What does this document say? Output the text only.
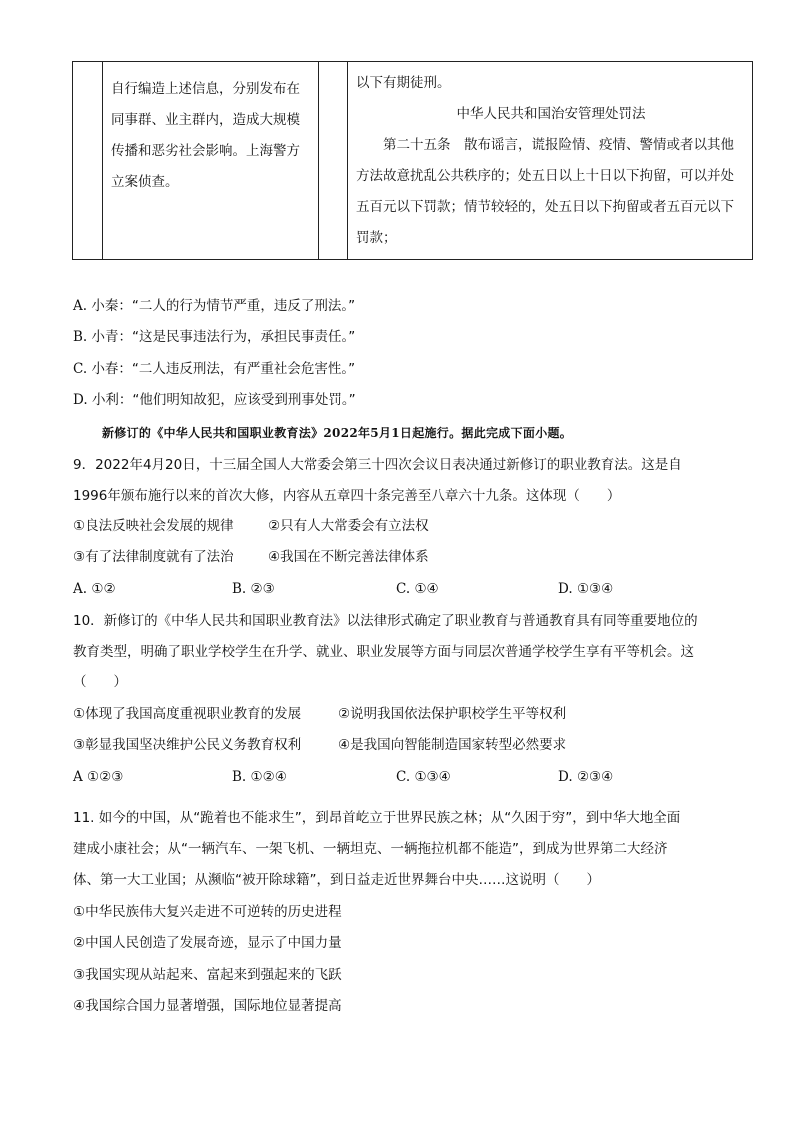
自行编造上述信息，分别发布在同事群、业主群内，造成大规模传播和恶劣社会影响。上海警方立案侦查。

以下有期徒刑。
中华人民共和国治安管理处罚法
第二十五条　散布谣言，谎报险情、疫情、警情或者以其他方法故意扰乱公共秩序的；处五日以上十日以下拘留，可以并处五百元以下罚款；情节较轻的，处五日以下拘留或者五百元以下罚款；
A. 小秦：“二人的行为情节严重，违反了刑法。”
B. 小青：“这是民事违法行为，承担民事责任。”
C. 小春：“二人违反刑法，有严重社会危害性。”
D. 小利：“他们明知故犯，应该受到刑事处罚。”
新修订的《中华人民共和国职业教育法》2022年5月1日起施行。据此完成下面小题。
9．2022年4月20日，十三届全国人大常委会第三十四次会议日表决通过新修订的职业教育法。这是自
1996年颁布施行以来的首次大修，内容从五章四十条完善至八章六十九条。这体现（　　）
①良法反映社会发展的规律	②只有人大常委会有立法权
③有了法律制度就有了法治	④我国在不断完善法律体系
A. ①②	B. ②③	C. ①④	D. ①③④
10．新修订的《中华人民共和国职业教育法》以法律形式确定了职业教育与普通教育具有同等重要地位的
教育类型，明确了职业学校学生在升学、就业、职业发展等方面与同层次普通学校学生享有平等机会。这
（　　）
①体现了我国高度重视职业教育的发展	②说明我国依法保护职校学生平等权利
③彰显我国坚决维护公民义务教育权利	④是我国向智能制造国家转型必然要求
A ①②③	B. ①②④	C. ①③④	D. ②③④
11. 如今的中国，从“跪着也不能求生”，到昂首屹立于世界民族之林；从“久困于穷”，到中华大地全面
建成小康社会；从“一辆汽车、一架飞机、一辆坦克、一辆拖拉机都不能造”，到成为世界第二大经济
体、第一大工业国；从濒临“被开除球籍”，到日益走近世界舞台中央……这说明（　　）
①中华民族伟大复兴走进不可逆转的历史进程
②中国人民创造了发展奇迹，显示了中国力量
③我国实现从站起来、富起来到强起来的飞跃
④我国综合国力显著增强，国际地位显著提高
